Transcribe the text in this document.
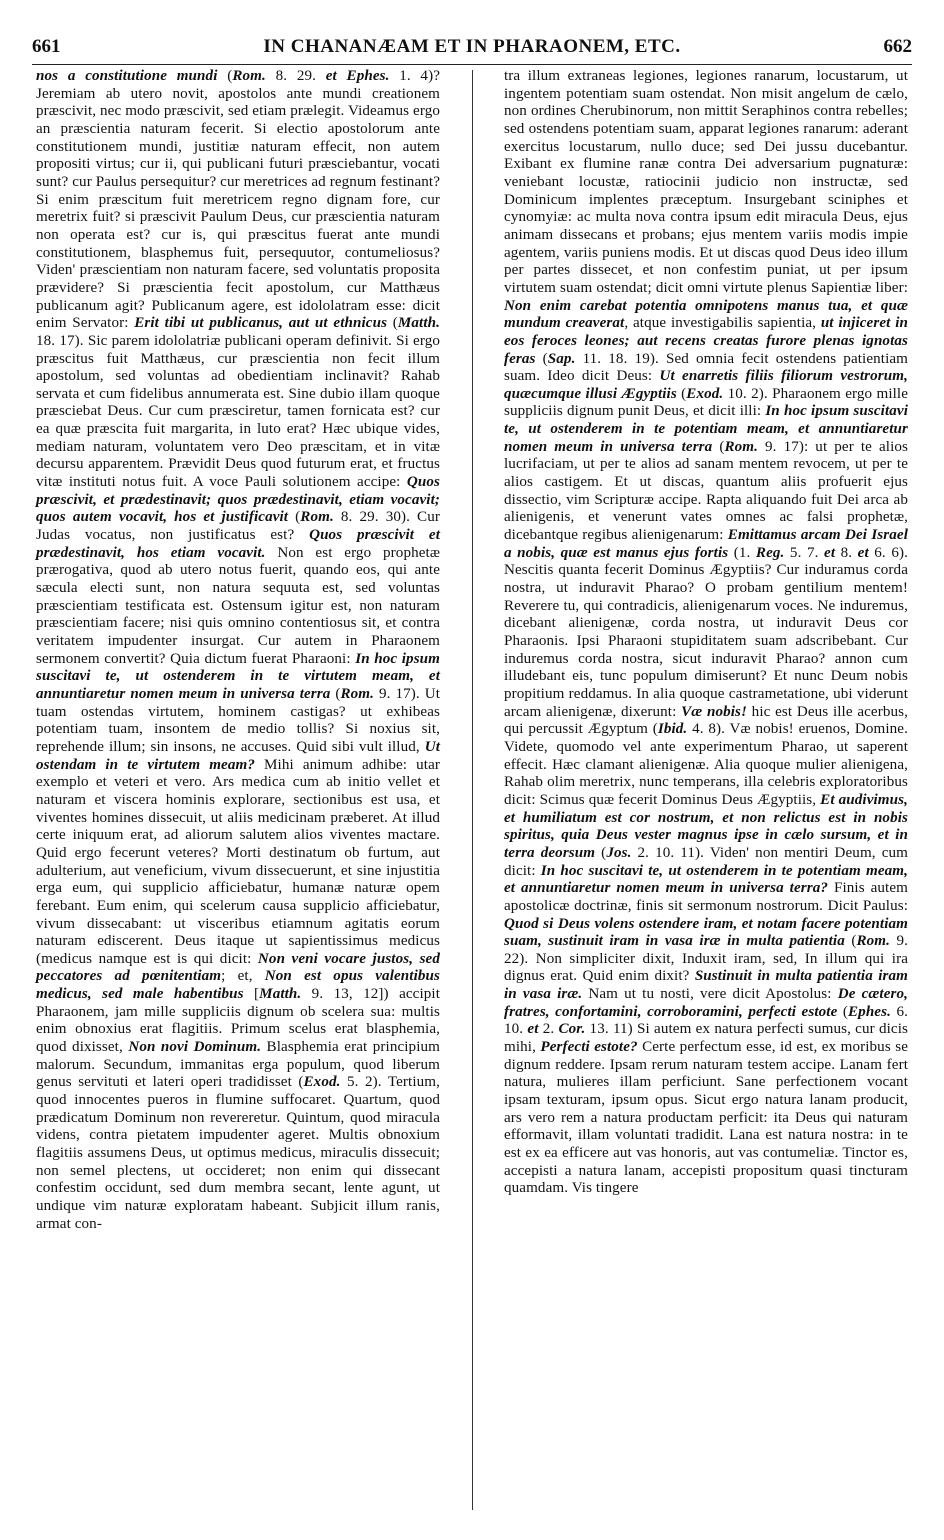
661	IN CHANANÆAM ET IN PHARAONEM, ETC.	662

nos a constitutione mundi (Rom. 8. 29. et Ephes. 1. 4)? Jeremiam ab utero novit, apostolos ante mundi creationem præscivit, nec modo præscivit, sed etiam prælegit. Videamus ergo an præscientia naturam fecerit. Si electio apostolorum ante constitutionem mundi, justitiæ naturam effecit, non autem propositi virtus; cur ii, qui publicani futuri præsciebantur, vocati sunt? cur Paulus persequitur? cur meretrices ad regnum festinant? Si enim præscitum fuit meretricem regno dignam fore, cur meretrix fuit? si præscivit Paulum Deus, cur præscientia naturam non operata est? cur is, qui præscitus fuerat ante mundi constitutionem, blasphemus fuit, persequutor, contumeliosus? Viden' præscientiam non naturam facere, sed voluntatis proposita prævidere? Si præscientia fecit apostolum, cur Matthæus publicanum agit? Publicanum agere, est idololatram esse: dicit enim Servator: Erit tibi ut publicanus, aut ut ethnicus (Matth. 18. 17). Sic parem idololatriæ publicani operam definivit. Si ergo præscitus fuit Matthæus, cur præscientia non fecit illum apostolum, sed voluntas ad obedientiam inclinavit? Rahab servata et cum fidelibus annumerata est. Sine dubio illam quoque præsciebat Deus. Cur cum præsciretur, tamen fornicata est? cur ea quæ præscita fuit margarita, in luto erat? Hæc ubique vides, mediam naturam, voluntatem vero Deo præscitam, et in vitæ decursu apparentem. Prævidit Deus quod futurum erat, et fructus vitæ instituti notus fuit. A voce Pauli solutionem accipe: Quos præscivit, et prædestinavit; quos prædestinavit, etiam vocavit; quos autem vocavit, hos et justificavit (Rom. 8. 29. 30). Cur Judas vocatus, non justificatus est? Quos præscivit et prædestinavit, hos etiam vocavit. Non est ergo prophetæ prærogativa, quod ab utero notus fuerit, quando eos, qui ante sæcula electi sunt, non natura sequuta est, sed voluntas præscientiam testificata est. Ostensum igitur est, non naturam præscientiam facere; nisi quis omnino contentiosus sit, et contra veritatem impudenter insurgat. Cur autem in Pharaonem sermonem convertit? Quia dictum fuerat Pharaoni: In hoc ipsum suscitavi te, ut ostenderem in te virtutem meam, et annuntiaretur nomen meum in universa terra (Rom. 9. 17). Ut tuam ostendas virtutem, hominem castigas? ut exhibeas potentiam tuam, insontem de medio tollis? Si noxius sit, reprehende illum; sin insons, ne accuses. Quid sibi vult illud, Ut ostendam in te virtutem meam? Mihi animum adhibe: utar exemplo et veteri et vero. Ars medica cum ab initio vellet et naturam et viscera hominis explorare, sectionibus est usa, et viventes homines dissecuit, ut aliis medicinam præberet. At illud certe iniquum erat, ad aliorum salutem alios viventes mactare. Quid ergo fecerunt veteres? Morti destinatum ob furtum, aut adulterium, aut veneficium, vivum dissecuerunt, et sine injustitia erga eum, qui supplicio afficiebatur, humanæ naturæ opem ferebant. Eum enim, qui scelerum causa supplicio afficiebatur, vivum dissecabant: ut visceribus etiamnum agitatis eorum naturam ediscerent. Deus itaque ut sapientissimus medicus (medicus namque est is qui dicit: Non veni vocare justos, sed peccatores ad pœnitentiam; et, Non est opus valentibus medicus, sed male habentibus [Matth. 9. 13, 12]) accipit Pharaonem, jam mille suppliciis dignum ob scelera sua: multis enim obnoxius erat flagitiis. Primum scelus erat blasphemia, quod dixisset, Non novi Dominum. Blasphemia erat principium malorum. Secundum, immanitas erga populum, quod liberum genus servituti et lateri operi tradidisset (Exod. 5. 2). Tertium, quod innocentes pueros in flumine suffocaret. Quartum, quod prædicatum Dominum non revereretur. Quintum, quod miracula videns, contra pietatem impudenter ageret. Multis obnoxium flagitiis assumens Deus, ut optimus medicus, miraculis dissecuit; non semel plectens, ut occideret; non enim qui dissecant confestim occidunt, sed dum membra secant, lente agunt, ut undique vim naturæ exploratam habeant. Subjicit illum ranis, armat con-

tra illum extraneas legiones, legiones ranarum, locustarum, ut ingentem potentiam suam ostendat. Non misit angelum de cælo, non ordines Cherubinorum, non mittit Seraphinos contra rebelles; sed ostendens potentiam suam, apparat legiones ranarum: aderant exercitus locustarum, nullo duce; sed Dei jussu ducebantur. Exibant ex flumine ranæ contra Dei adversarium pugnaturæ: veniebant locustæ, ratiocinii judicio non instructæ, sed Dominicum implentes præceptum. Insurgebant sciniphes et cynomyiæ: ac multa nova contra ipsum edit miracula Deus, ejus animam dissecans et probans; ejus mentem variis modis impie agentem, variis puniens modis. Et ut discas quod Deus ideo illum per partes dissecet, et non confestim puniat, ut per ipsum virtutem suam ostendat; dicit omni virtute plenus Sapientiæ liber: Non enim carebat potentia omnipotens manus tua, et quæ mundum creaverat, atque investigabilis sapientia, ut injiceret in eos feroces leones; aut recens creatas furore plenas ignotas feras (Sap. 11. 18. 19). Sed omnia fecit ostendens patientiam suam. Ideo dicit Deus: Ut enarretis filiis filiorum vestrorum, quæcumque illusi Ægyptiis (Exod. 10. 2). Pharaonem ergo mille suppliciis dignum punit Deus, et dicit illi: In hoc ipsum suscitavi te, ut ostenderem in te potentiam meam, et annuntiaretur nomen meum in universa terra (Rom. 9. 17): ut per te alios lucrifaciam, ut per te alios ad sanam mentem revocem, ut per te alios castigem. Et ut discas, quantum aliis profuerit ejus dissectio, vim Scripturæ accipe. Rapta aliquando fuit Dei arca ab alienigenis, et venerunt vates omnes ac falsi prophetæ, dicebantque regibus alienigenarum: Emittamus arcam Dei Israel a nobis, quæ est manus ejus fortis (1. Reg. 5. 7. et 8. et 6. 6). Nescitis quanta fecerit Dominus Ægyptiis? Cur induramus corda nostra, ut induravit Pharao? O probam gentilium mentem! Reverere tu, qui contradicis, alienigenarum voces. Ne induremus, dicebant alienigenæ, corda nostra, ut induravit Deus cor Pharaonis. Ipsi Pharaoni stupiditatem suam adscribebant. Cur induremus corda nostra, sicut induravit Pharao? annon cum illudebant eis, tunc populum dimiserunt? Et nunc Deum nobis propitium reddamus. In alia quoque castrametatione, ubi viderunt arcam alienigenæ, dixerunt: Væ nobis! hic est Deus ille acerbus, qui percussit Ægyptum (Ibid. 4. 8). Væ nobis! eruenos, Domine. Videte, quomodo vel ante experimentum Pharao, ut saperent effecit. Hæc clamant alienigenæ. Alia quoque mulier alienigena, Rahab olim meretrix, nunc temperans, illa celebris exploratoribus dicit: Scimus quæ fecerit Dominus Deus Ægyptiis, Et audivimus, et humiliatum est cor nostrum, et non relictus est in nobis spiritus, quia Deus vester magnus ipse in cælo sursum, et in terra deorsum (Jos. 2. 10. 11). Viden' non mentiri Deum, cum dicit: In hoc suscitavi te, ut ostenderem in te potentiam meam, et annuntiaretur nomen meum in universa terra? Finis autem apostolicæ doctrinæ, finis sit sermonum nostrorum. Dicit Paulus: Quod si Deus volens ostendere iram, et notam facere potentiam suam, sustinuit iram in vasa iræ in multa patientia (Rom. 9. 22). Non simpliciter dixit, Induxit iram, sed, In illum qui ira dignus erat. Quid enim dixit? Sustinuit in multa patientia iram in vasa iræ. Nam ut tu nosti, vere dicit Apostolus: De cætero, fratres, confortamini, corroboramini, perfecti estote (Ephes. 6. 10. et 2. Cor. 13. 11) Si autem ex natura perfecti sumus, cur dicis mihi, Perfecti estote? Certe perfectum esse, id est, ex moribus se dignum reddere. Ipsam rerum naturam testem accipe. Lanam fert natura, mulieres illam perficiunt. Sane perfectionem vocant ipsam texturam, ipsum opus. Sicut ergo natura lanam producit, ars vero rem a natura productam perficit: ita Deus qui naturam efformavit, illam voluntati tradidit. Lana est natura nostra: in te est ex ea efficere aut vas honoris, aut vas contumeliæ. Tinctor es, accepisti a natura lanam, accepisti propositum quasi tincturam quamdam. Vis tingere
